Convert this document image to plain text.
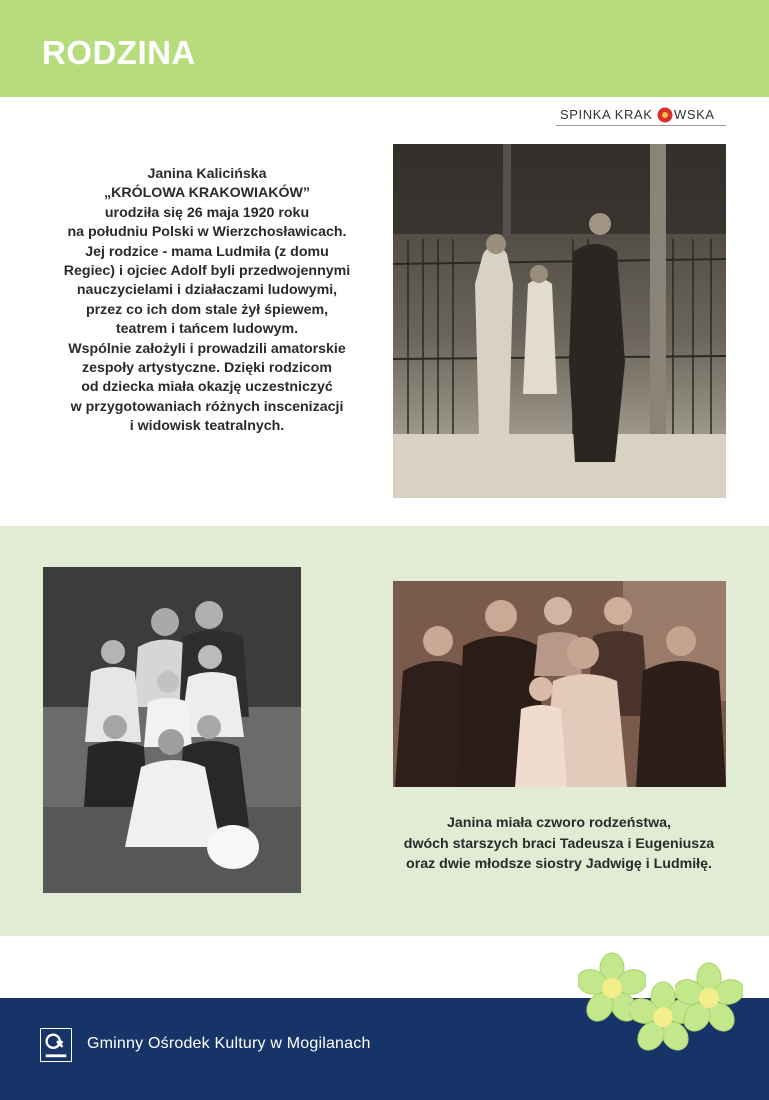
RODZINA
SPINKA KRAK WSKA
Janina Kalicińska
„KRÓLOWA KRAKOWIAKÓW”
urodziła się 26 maja 1920 roku
na południu Polski w Wierzchosławicach.
Jej rodzice - mama Ludmiła (z domu
Regiec) i ojciec Adolf byli przedwojennymi
nauczycielami i działaczami ludowymi,
przez co ich dom stale żył śpiewem,
teatrem i tańcem ludowym.
Wspólnie założyli i prowadzili amatorskie
zespoły artystyczne. Dzięki rodzicom
od dziecka miała okazję uczestniczyć
w przygotowaniach różnych inscenizacji
i widowisk teatralnych.
Janina miała czworo rodzeństwa,
dwóch starszych braci Tadeusza i Eugeniusza
oraz dwie młodsze siostry Jadwigę i Ludmiłę.
Gminny Ośrodek Kultury w Mogilanach
